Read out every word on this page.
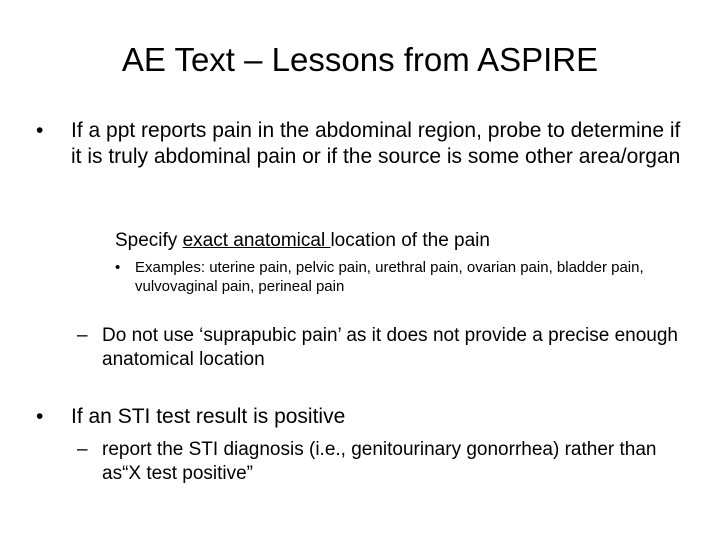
AE Text – Lessons from ASPIRE
•	If a ppt reports pain in the abdominal region, probe to determine if it is truly abdominal pain or if the source is some other area/organ
Specify exact anatomical location of the pain
• Examples: uterine pain, pelvic pain, urethral pain, ovarian pain, bladder pain, vulvovaginal pain, perineal pain
– Do not use ‘suprapubic pain’ as it does not provide a precise enough anatomical location
•	If an STI test result is positive
– report the STI diagnosis (i.e., genitourinary gonorrhea) rather than as“X test positive”
